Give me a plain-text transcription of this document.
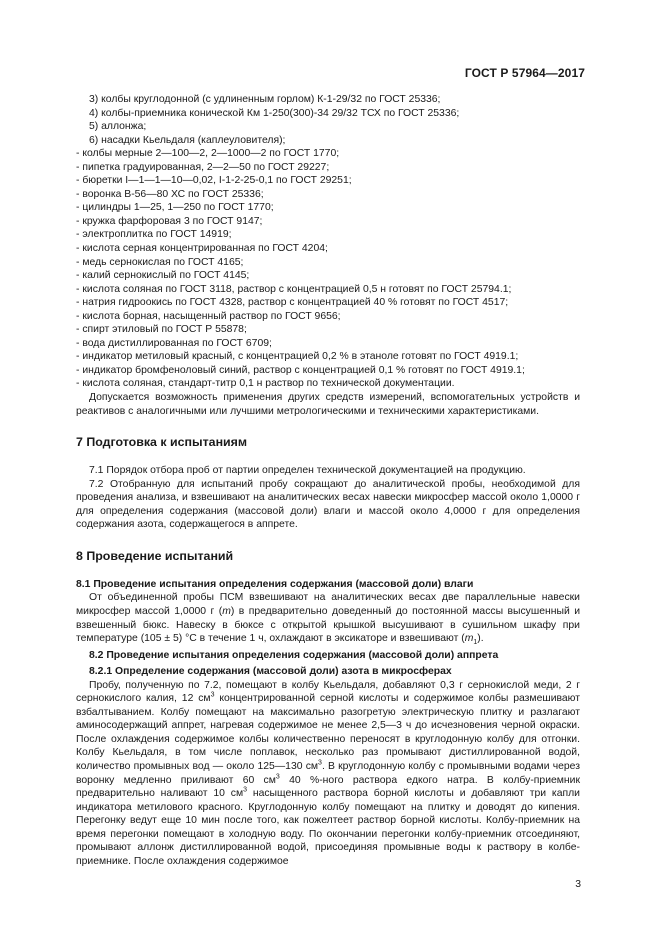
ГОСТ Р 57964—2017

3) колбы круглодонной (с удлиненным горлом) К-1-29/32 по ГОСТ 25336;

4) колбы-приемника конической Км 1-250(300)-34 29/32 ТСХ по ГОСТ 25336;

5) аллонжа;

6) насадки Кьельдаля (каплеуловителя);

- колбы мерные 2—100—2, 2—1000—2 по ГОСТ 1770;

- пипетка градуированная, 2—2—50 по ГОСТ 29227;

- бюретки I—1—1—10—0,02, I-1-2-25-0,1 по ГОСТ 29251;

- воронка В-56—80 ХС по ГОСТ 25336;

- цилиндры 1—25, 1—250 по ГОСТ 1770;

- кружка фарфоровая 3 по ГОСТ 9147;

- электроплитка по ГОСТ 14919;

- кислота серная концентрированная по ГОСТ 4204;

- медь сернокислая по ГОСТ 4165;

- калий сернокислый по ГОСТ 4145;

- кислота соляная по ГОСТ 3118, раствор с концентрацией 0,5 н готовят по ГОСТ 25794.1;

- натрия гидроокись по ГОСТ 4328, раствор с концентрацией 40 % готовят по ГОСТ 4517;

- кислота борная, насыщенный раствор по ГОСТ 9656;

- спирт этиловый по ГОСТ Р 55878;

- вода дистиллированная по ГОСТ 6709;

- индикатор метиловый красный, с концентрацией 0,2 % в этаноле готовят по ГОСТ 4919.1;

- индикатор бромфеноловый синий, раствор с концентрацией 0,1 % готовят по ГОСТ 4919.1;

- кислота соляная, стандарт-титр 0,1 н раствор по технической документации.

Допускается возможность применения других средств измерений, вспомогательных устройств и реактивов с аналогичными или лучшими метрологическими и техническими характеристиками.

7 Подготовка к испытаниям

7.1 Порядок отбора проб от партии определен технической документацией на продукцию.

7.2 Отобранную для испытаний пробу сокращают до аналитической пробы, необходимой для проведения анализа, и взвешивают на аналитических весах навески микросфер массой около 1,0000 г для определения содержания (массовой доли) влаги и массой около 4,0000 г для определения содержания азота, содержащегося в аппрете.

8 Проведение испытаний

8.1 Проведение испытания определения содержания (массовой доли) влаги

От объединенной пробы ПСМ взвешивают на аналитических весах две параллельные навески микросфер массой 1,0000 г (m) в предварительно доведенный до постоянной массы высушенный и взвешенный бюкс. Навеску в бюксе с открытой крышкой высушивают в сушильном шкафу при температуре (105 ± 5) °С в течение 1 ч, охлаждают в эксикаторе и взвешивают $(m_1)$.

8.2 Проведение испытания определения содержания (массовой доли) аппрета

8.2.1 Определение содержания (массовой доли) азота в микросферах

Пробу, полученную по 7.2, помещают в колбу Кьельдаля, добавляют 0,3 г сернокислой меди, 2 г сернокислого калия, 12 $см^3$ концентрированной серной кислоты и содержимое колбы размешивают взбалтыванием. Колбу помещают на максимально разогретую электрическую плитку и разлагают аминосодержащий аппрет, нагревая содержимое не менее 2,5—3 ч до исчезновения черной окраски. После охлаждения содержимое колбы количественно переносят в круглодонную колбу для отгонки. Колбу Кьельдаля, в том числе поплавок, несколько раз промывают дистиллированной водой, количество промывных вод — около 125—130 $см^3$. В круглодонную колбу с промывными водами через воронку медленно приливают 60 $см^3$ 40 %-ного раствора едкого натра. В колбу-приемник предварительно наливают 10 $см^3$ насыщенного раствора борной кислоты и добавляют три капли индикатора метилового красного. Круглодонную колбу помещают на плитку и доводят до кипения. Перегонку ведут еще 10 мин после того, как пожелтеет раствор борной кислоты. Колбу-приемник на время перегонки помещают в холодную воду. По окончании перегонки колбу-приемник отсоединяют, промывают аллонж дистиллированной водой, присоединяя промывные воды к раствору в колбе-приемнике. После охлаждения содержимое

3
